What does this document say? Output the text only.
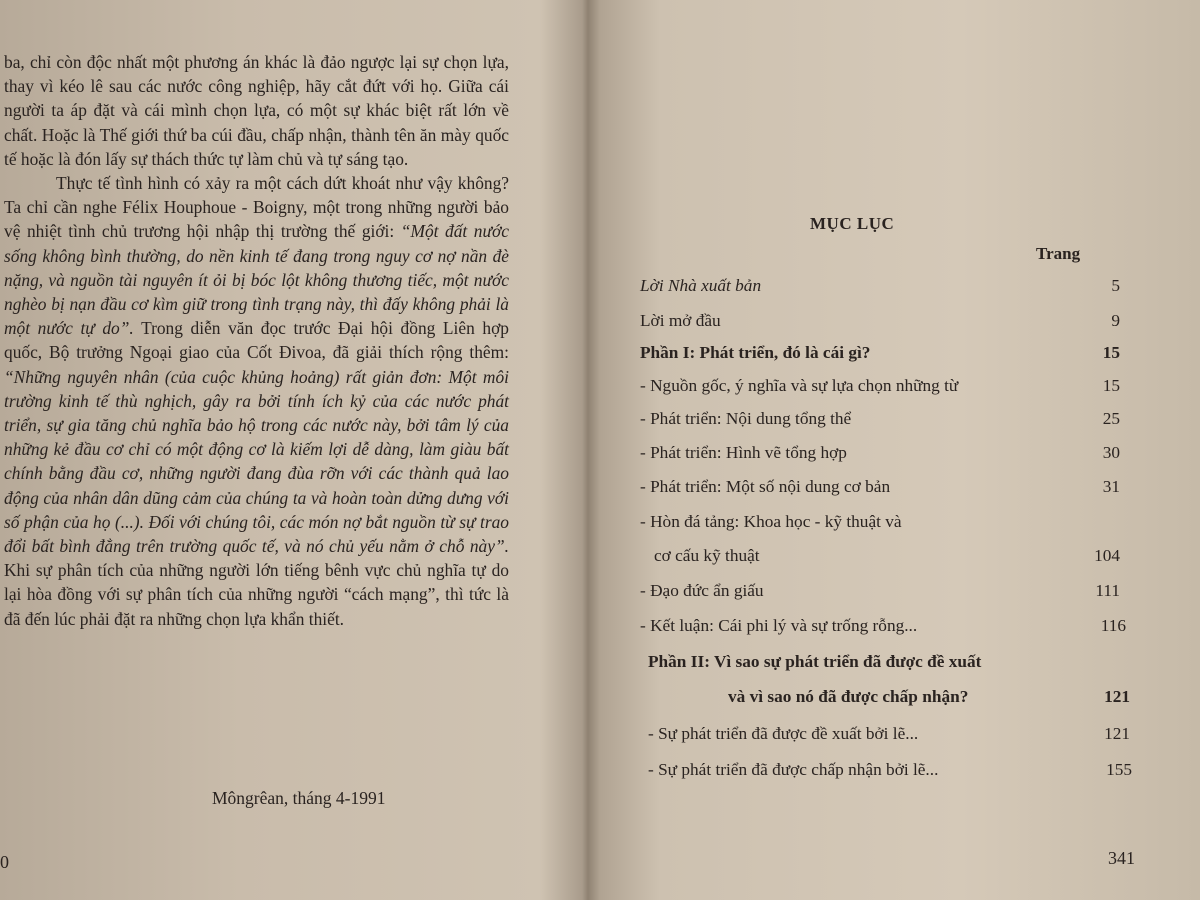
ba, chỉ còn độc nhất một phương án khác là đảo ngược lại sự chọn lựa, thay vì kéo lê sau các nước công nghiệp, hãy cắt đứt với họ. Giữa cái người ta áp đặt và cái mình chọn lựa, có một sự khác biệt rất lớn về chất. Hoặc là Thế giới thứ ba cúi đầu, chấp nhận, thành tên ăn mày quốc tế hoặc là đón lấy sự thách thức tự làm chủ và tự sáng tạo.

Thực tế tình hình có xảy ra một cách dứt khoát như vậy không? Ta chỉ cần nghe Félix Houphoue - Boigny, một trong những người bảo vệ nhiệt tình chủ trương hội nhập thị trường thế giới: “Một đất nước sống không bình thường, do nền kinh tế đang trong nguy cơ nợ nần đè nặng, và nguồn tài nguyên ít ỏi bị bóc lột không thương tiếc, một nước nghèo bị nạn đầu cơ kìm giữ trong tình trạng này, thì đấy không phải là một nước tự do”. Trong diễn văn đọc trước Đại hội đồng Liên hợp quốc, Bộ trưởng Ngoại giao của Cốt Đivoa, đã giải thích rộng thêm: “Những nguyên nhân (của cuộc khủng hoảng) rất giản đơn: Một môi trường kinh tế thù nghịch, gây ra bởi tính ích kỷ của các nước phát triển, sự gia tăng chủ nghĩa bảo hộ trong các nước này, bởi tâm lý của những kẻ đầu cơ chỉ có một động cơ là kiếm lợi dễ dàng, làm giàu bất chính bằng đầu cơ, những người đang đùa rỡn với các thành quả lao động của nhân dân dũng cảm của chúng ta và hoàn toàn dửng dưng với số phận của họ (...). Đối với chúng tôi, các món nợ bắt nguồn từ sự trao đổi bất bình đẳng trên trường quốc tế, và nó chủ yếu nằm ở chỗ này”. Khi sự phân tích của những người lớn tiếng bênh vực chủ nghĩa tự do lại hòa đồng với sự phân tích của những người “cách mạng”, thì tức là đã đến lúc phải đặt ra những chọn lựa khẩn thiết.

Môngrêan, tháng 4-1991
0
MỤC LỤC
Trang
Lời Nhà xuất bản	5
Lời mở đầu	9
Phần I: Phát triển, đó là cái gì?	15
- Nguồn gốc, ý nghĩa và sự lựa chọn những từ	15
- Phát triển: Nội dung tổng thể	25
- Phát triển: Hình vẽ tổng hợp	30
- Phát triển: Một số nội dung cơ bản	31
- Hòn đá tảng: Khoa học - kỹ thuật và
cơ cấu kỹ thuật	104
- Đạo đức ẩn giấu	111
- Kết luận: Cái phi lý và sự trống rỗng...	116
Phần II: Vì sao sự phát triển đã được đề xuất
và vì sao nó đã được chấp nhận?	121
- Sự phát triển đã được đề xuất bởi lẽ...	121
- Sự phát triển đã được chấp nhận bởi lẽ...	155
341
